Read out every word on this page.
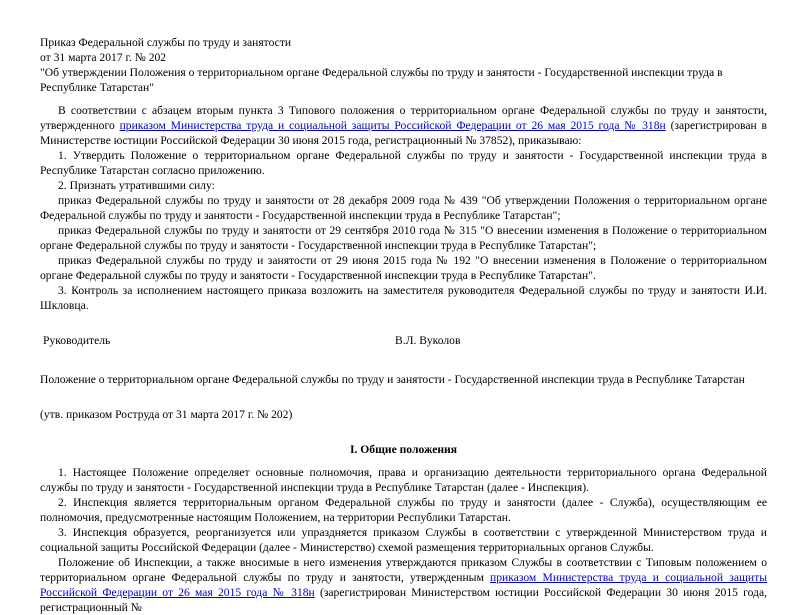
Приказ Федеральной службы по труду и занятости

от 31 марта 2017 г. № 202

"Об утверждении Положения о территориальном органе Федеральной службы по труду и занятости - Государственной инспекции труда в Республике Татарстан"

В соответствии с абзацем вторым пункта 3 Типового положения о территориальном органе Федеральной службы по труду и занятости, утвержденного приказом Министерства труда и социальной защиты Российской Федерации от 26 мая 2015 года № 318н (зарегистрирован в Министерстве юстиции Российской Федерации 30 июня 2015 года, регистрационный № 37852), приказываю:

1. Утвердить Положение о территориальном органе Федеральной службы по труду и занятости - Государственной инспекции труда в Республике Татарстан согласно приложению.

2. Признать утратившими силу:

приказ Федеральной службы по труду и занятости от 28 декабря 2009 года № 439 "Об утверждении Положения о территориальном органе Федеральной службы по труду и занятости - Государственной инспекции труда в Республике Татарстан";

приказ Федеральной службы по труду и занятости от 29 сентября 2010 года № 315 "О внесении изменения в Положение о территориальном органе Федеральной службы по труду и занятости - Государственной инспекции труда в Республике Татарстан";

приказ Федеральной службы по труду и занятости от 29 июня 2015 года № 192 "О внесении изменения в Положение о территориальном органе Федеральной службы по труду и занятости - Государственной инспекции труда в Республике Татарстан".

3. Контроль за исполнением настоящего приказа возложить на заместителя руководителя Федеральной службы по труду и занятости И.И. Шкловца.

Руководитель	В.Л. Вуколов

Положение о территориальном органе Федеральной службы по труду и занятости - Государственной инспекции труда в Республике Татарстан

(утв. приказом Роструда от 31 марта 2017 г. № 202)

I. Общие положения

1. Настоящее Положение определяет основные полномочия, права и организацию деятельности территориального органа Федеральной службы по труду и занятости - Государственной инспекции труда в Республике Татарстан (далее - Инспекция).

2. Инспекция является территориальным органом Федеральной службы по труду и занятости (далее - Служба), осуществляющим ее полномочия, предусмотренные настоящим Положением, на территории Республики Татарстан.

3. Инспекция образуется, реорганизуется или упраздняется приказом Службы в соответствии с утвержденной Министерством труда и социальной защиты Российской Федерации (далее - Министерство) схемой размещения территориальных органов Службы.

Положение об Инспекции, а также вносимые в него изменения утверждаются приказом Службы в соответствии с Типовым положением о территориальном органе Федеральной службы по труду и занятости, утвержденным приказом Министерства труда и социальной защиты Российской Федерации от 26 мая 2015 года № 318н (зарегистрирован Министерством юстиции Российской Федерации 30 июня 2015 года, регистрационный №
